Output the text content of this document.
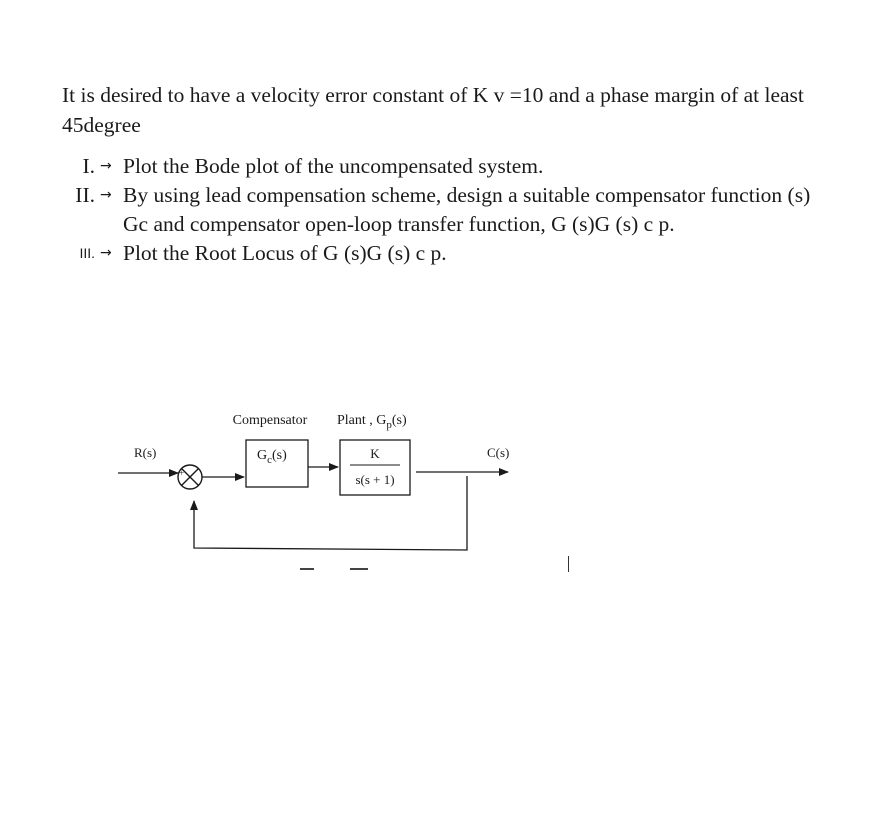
It is desired to have a velocity error constant of K v =10 and a phase margin of at least 45degree

I. → Plot the Bode plot of the uncompensated system.
II. → By using lead compensation scheme, design a suitable compensator function (s) Gc and compensator open-loop transfer function, G (s)G (s) c p.
III. → Plot the Root Locus of G (s)G (s) c p.
Compensator Plant , $G_p(s)$
R(s)	C(s)
+
−
$G_c(s)$	K
s(s + 1)
